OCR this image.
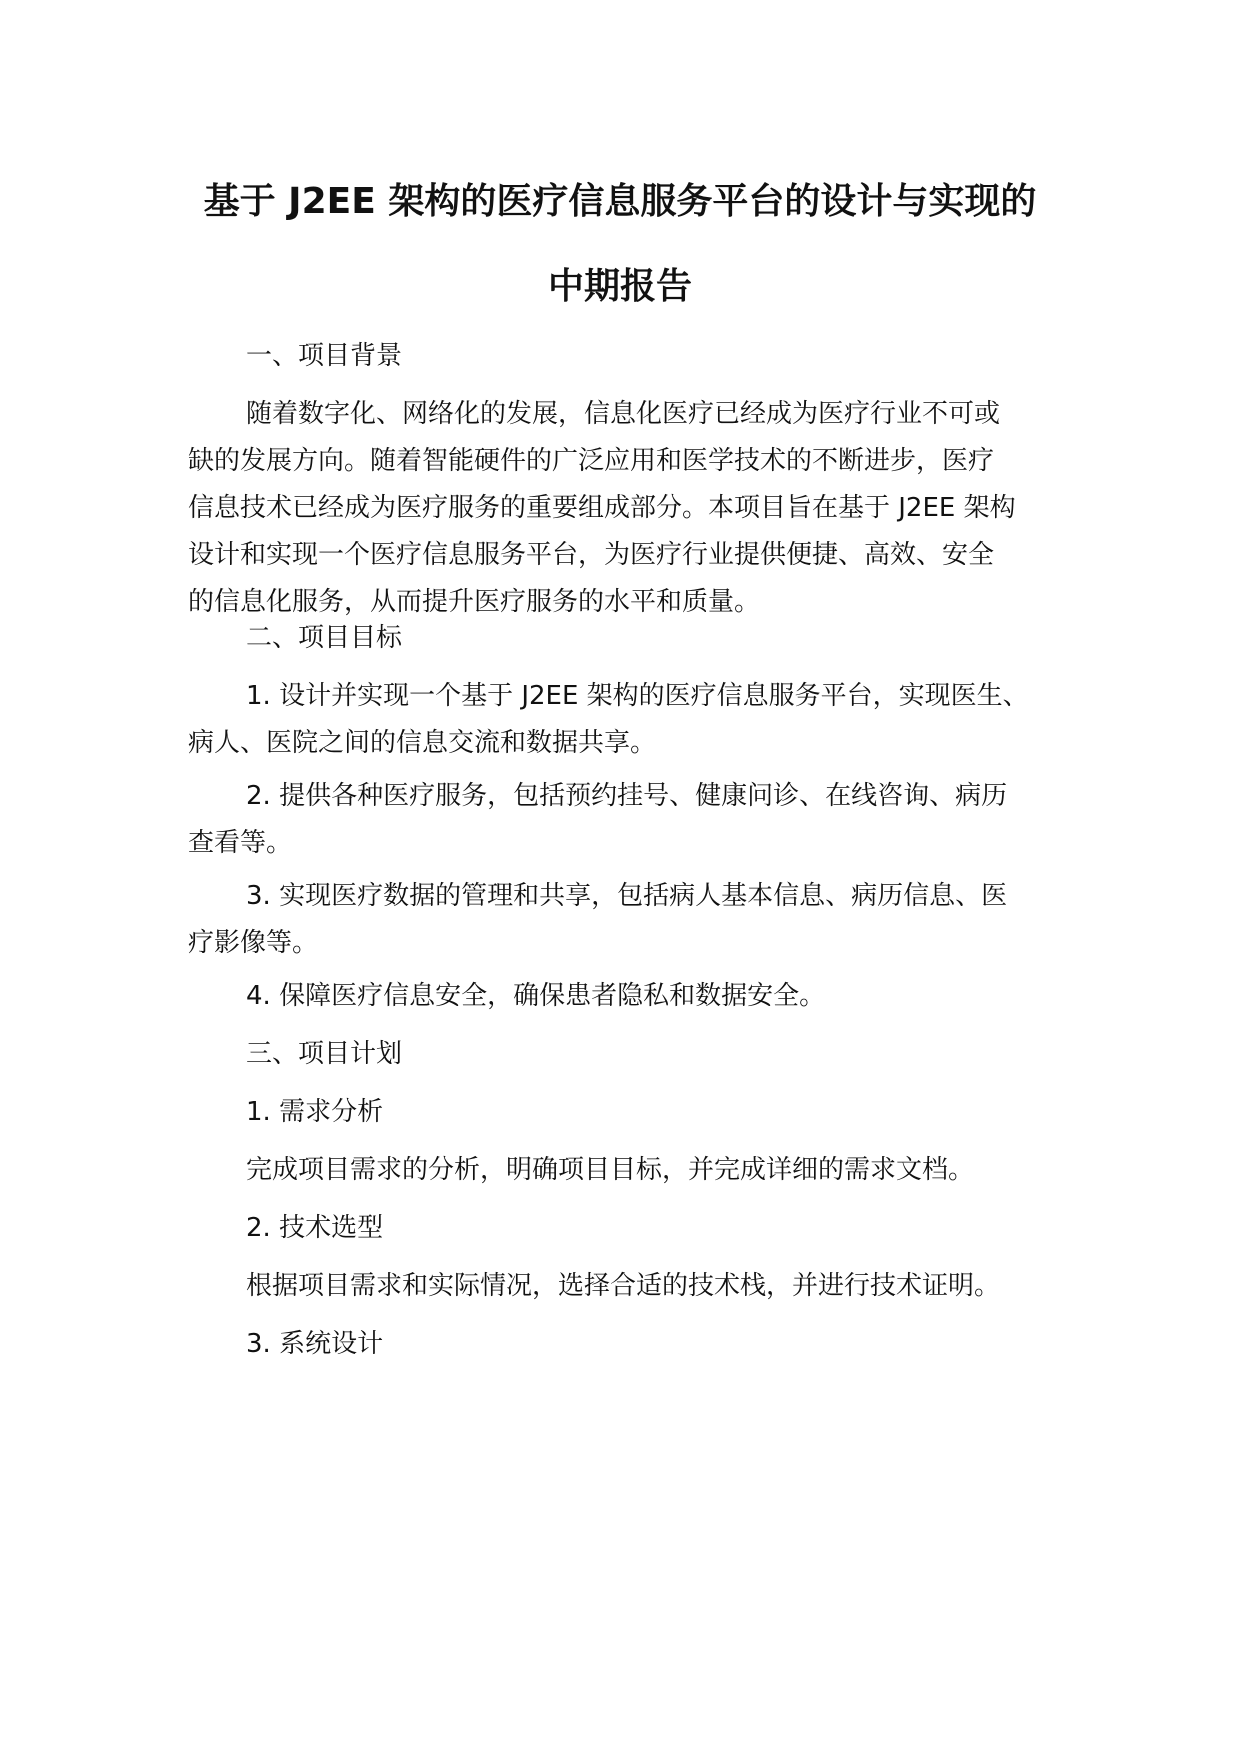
基于 J2EE 架构的医疗信息服务平台的设计与实现的
中期报告
一、项目背景
随着数字化、网络化的发展，信息化医疗已经成为医疗行业不可或
缺的发展方向。随着智能硬件的广泛应用和医学技术的不断进步，医疗
信息技术已经成为医疗服务的重要组成部分。本项目旨在基于 J2EE 架构
设计和实现一个医疗信息服务平台，为医疗行业提供便捷、高效、安全
的信息化服务，从而提升医疗服务的水平和质量。
二、项目目标
1. 设计并实现一个基于 J2EE 架构的医疗信息服务平台，实现医生、
病人、医院之间的信息交流和数据共享。
2. 提供各种医疗服务，包括预约挂号、健康问诊、在线咨询、病历
查看等。
3. 实现医疗数据的管理和共享，包括病人基本信息、病历信息、医
疗影像等。
4. 保障医疗信息安全，确保患者隐私和数据安全。
三、项目计划
1. 需求分析
完成项目需求的分析，明确项目目标，并完成详细的需求文档。
2. 技术选型
根据项目需求和实际情况，选择合适的技术栈，并进行技术证明。
3. 系统设计
